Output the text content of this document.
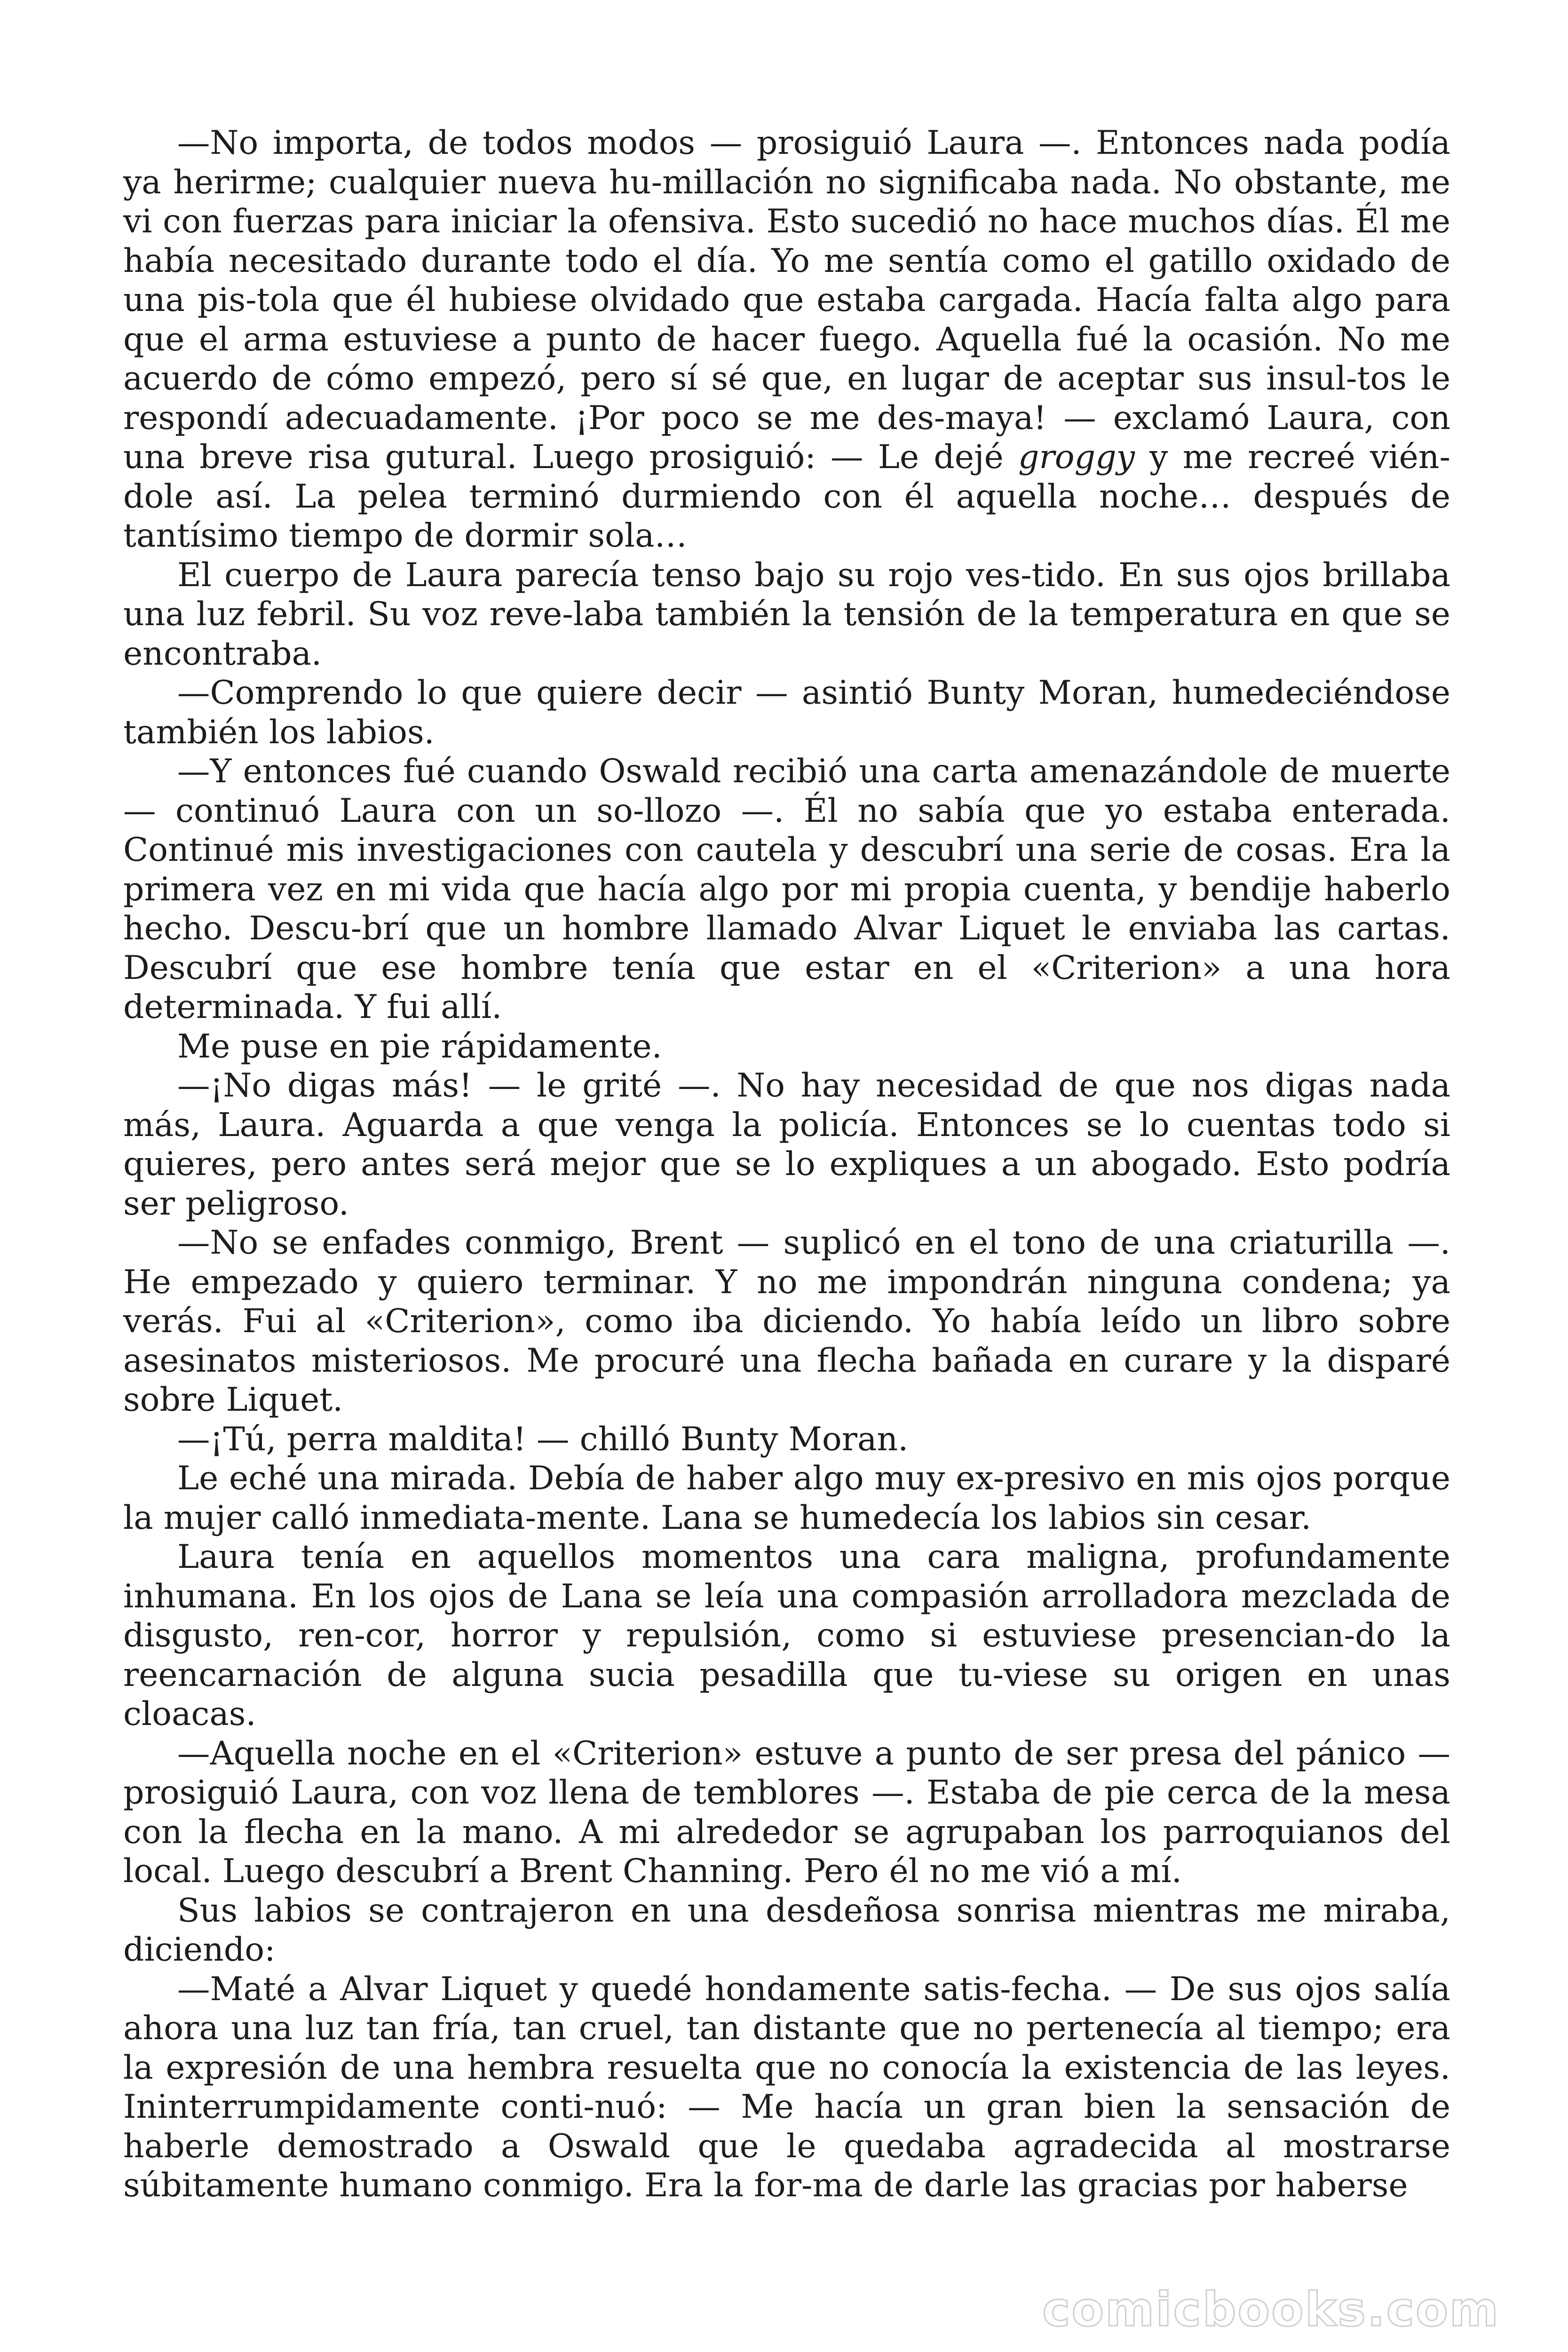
—No importa, de todos modos — prosiguió Laura —. Entonces nada podía ya herirme; cualquier nueva hu-millación no significaba nada. No obstante, me vi con fuerzas para iniciar la ofensiva. Esto sucedió no hace muchos días. Él me había necesitado durante todo el día. Yo me sentía como el gatillo oxidado de una pis-tola que él hubiese olvidado que estaba cargada. Hacía falta algo para que el arma estuviese a punto de hacer fuego. Aquella fué la ocasión. No me acuerdo de cómo empezó, pero sí sé que, en lugar de aceptar sus insul-tos le respondí adecuadamente. ¡Por poco se me des-maya! — exclamó Laura, con una breve risa gutural. Luego prosiguió: — Le dejé groggy y me recreé vién-dole así. La pelea terminó durmiendo con él aquella noche… después de tantísimo tiempo de dormir sola…

El cuerpo de Laura parecía tenso bajo su rojo ves-tido. En sus ojos brillaba una luz febril. Su voz reve-laba también la tensión de la temperatura en que se encontraba.

—Comprendo lo que quiere decir — asintió Bunty Moran, humedeciéndose también los labios.

—Y entonces fué cuando Oswald recibió una carta amenazándole de muerte — continuó Laura con un so-llozo —. Él no sabía que yo estaba enterada. Continué mis investigaciones con cautela y descubrí una serie de cosas. Era la primera vez en mi vida que hacía algo por mi propia cuenta, y bendije haberlo hecho. Descu-brí que un hombre llamado Alvar Liquet le enviaba las cartas. Descubrí que ese hombre tenía que estar en el «Criterion» a una hora determinada. Y fui allí.

Me puse en pie rápidamente.

—¡No digas más! — le grité —. No hay necesidad de que nos digas nada más, Laura. Aguarda a que venga la policía. Entonces se lo cuentas todo si quieres, pero antes será mejor que se lo expliques a un abogado. Esto podría ser peligroso.

—No se enfades conmigo, Brent — suplicó en el tono de una criaturilla —. He empezado y quiero terminar. Y no me impondrán ninguna condena; ya verás. Fui al «Criterion», como iba diciendo. Yo había leído un libro sobre asesinatos misteriosos. Me procuré una flecha bañada en curare y la disparé sobre Liquet.

—¡Tú, perra maldita! — chilló Bunty Moran.

Le eché una mirada. Debía de haber algo muy ex-presivo en mis ojos porque la mujer calló inmediata-mente. Lana se humedecía los labios sin cesar.

Laura tenía en aquellos momentos una cara maligna, profundamente inhumana. En los ojos de Lana se leía una compasión arrolladora mezclada de disgusto, ren-cor, horror y repulsión, como si estuviese presencian-do la reencarnación de alguna sucia pesadilla que tu-viese su origen en unas cloacas.

—Aquella noche en el «Criterion» estuve a punto de ser presa del pánico — prosiguió Laura, con voz llena de temblores —. Estaba de pie cerca de la mesa con la flecha en la mano. A mi alrededor se agrupaban los parroquianos del local. Luego descubrí a Brent Channing. Pero él no me vió a mí.

Sus labios se contrajeron en una desdeñosa sonrisa mientras me miraba, diciendo:

—Maté a Alvar Liquet y quedé hondamente satis-fecha. — De sus ojos salía ahora una luz tan fría, tan cruel, tan distante que no pertenecía al tiempo; era la expresión de una hembra resuelta que no conocía la existencia de las leyes. Ininterrumpidamente conti-nuó: — Me hacía un gran bien la sensación de haberle demostrado a Oswald que le quedaba agradecida al mostrarse súbitamente humano conmigo. Era la for-ma de darle las gracias por haberse

comicbooks.com
